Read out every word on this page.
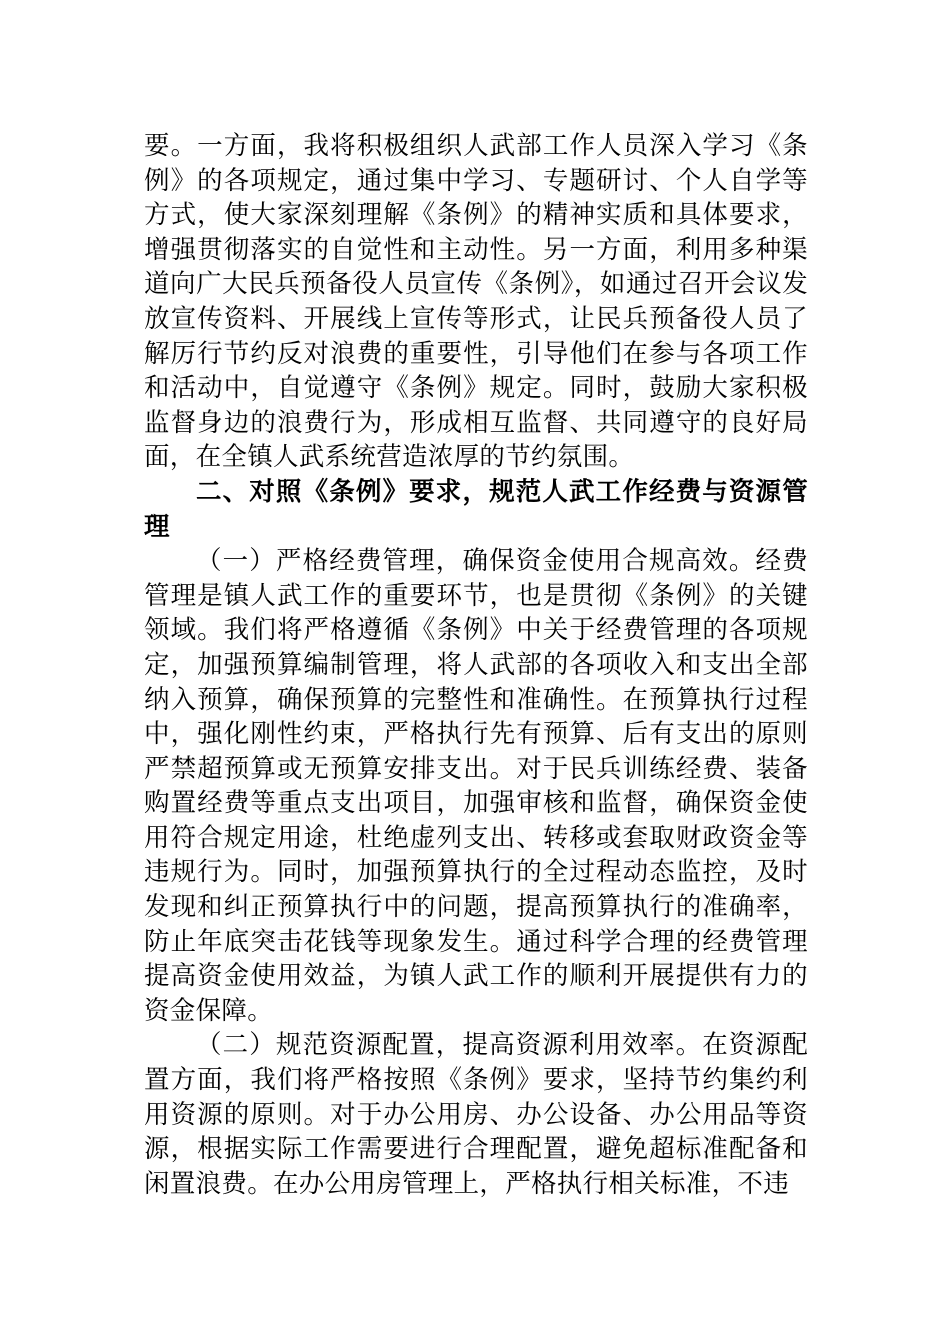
要。一方面，我将积极组织人武部工作人员深入学习《条例》的各项规定，通过集中学习、专题研讨、个人自学等方式，使大家深刻理解《条例》的精神实质和具体要求，增强贯彻落实的自觉性和主动性。另一方面，利用多种渠道向广大民兵预备役人员宣传《条例》，如通过召开会议发放宣传资料、开展线上宣传等形式，让民兵预备役人员了解厉行节约反对浪费的重要性，引导他们在参与各项工作和活动中，自觉遵守《条例》规定。同时，鼓励大家积极监督身边的浪费行为，形成相互监督、共同遵守的良好局面，在全镇人武系统营造浓厚的节约氛围。

二、对照《条例》要求，规范人武工作经费与资源管理

（一）严格经费管理，确保资金使用合规高效。经费管理是镇人武工作的重要环节，也是贯彻《条例》的关键领域。我们将严格遵循《条例》中关于经费管理的各项规定，加强预算编制管理，将人武部的各项收入和支出全部纳入预算，确保预算的完整性和准确性。在预算执行过程中，强化刚性约束，严格执行先有预算、后有支出的原则严禁超预算或无预算安排支出。对于民兵训练经费、装备购置经费等重点支出项目，加强审核和监督，确保资金使用符合规定用途，杜绝虚列支出、转移或套取财政资金等违规行为。同时，加强预算执行的全过程动态监控，及时发现和纠正预算执行中的问题，提高预算执行的准确率，防止年底突击花钱等现象发生。通过科学合理的经费管理提高资金使用效益，为镇人武工作的顺利开展提供有力的资金保障。

（二）规范资源配置，提高资源利用效率。在资源配置方面，我们将严格按照《条例》要求，坚持节约集约利用资源的原则。对于办公用房、办公设备、办公用品等资源，根据实际工作需要进行合理配置，避免超标准配备和闲置浪费。在办公用房管理上，严格执行相关标准，不违
